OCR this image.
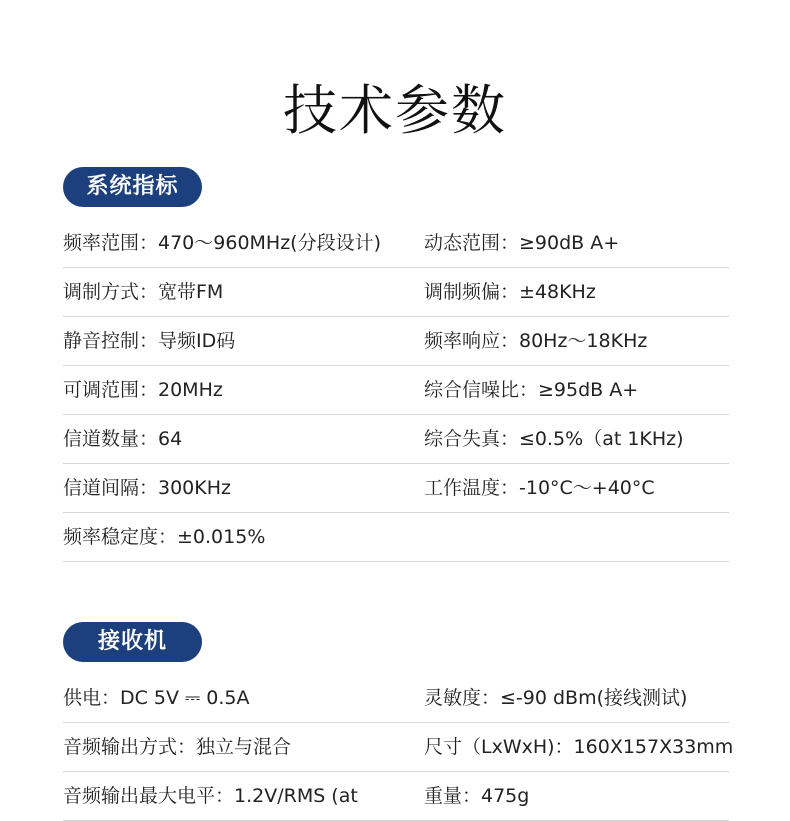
技术参数
系统指标
频率范围：470～960MHz(分段设计) 动态范围：≥90dB A+
调制方式：宽带FM	调制频偏：±48KHz
静音控制：导频ID码	频率响应：80Hz～18KHz
可调范围：20MHz	综合信噪比：≥95dB A+
信道数量：64	综合失真：≤0.5%（at 1KHz)
信道间隔：300KHz	工作温度：-10°C～+40°C
频率稳定度：±0.015%
接收机
供电：DC 5V ⎓ 0.5A	灵敏度：≤-90 dBm(接线测试)
音频输出方式：独立与混合	尺寸（LxWxH)：160X157X33mm
音频输出最大电平：1.2V/RMS (at	重量：475g
